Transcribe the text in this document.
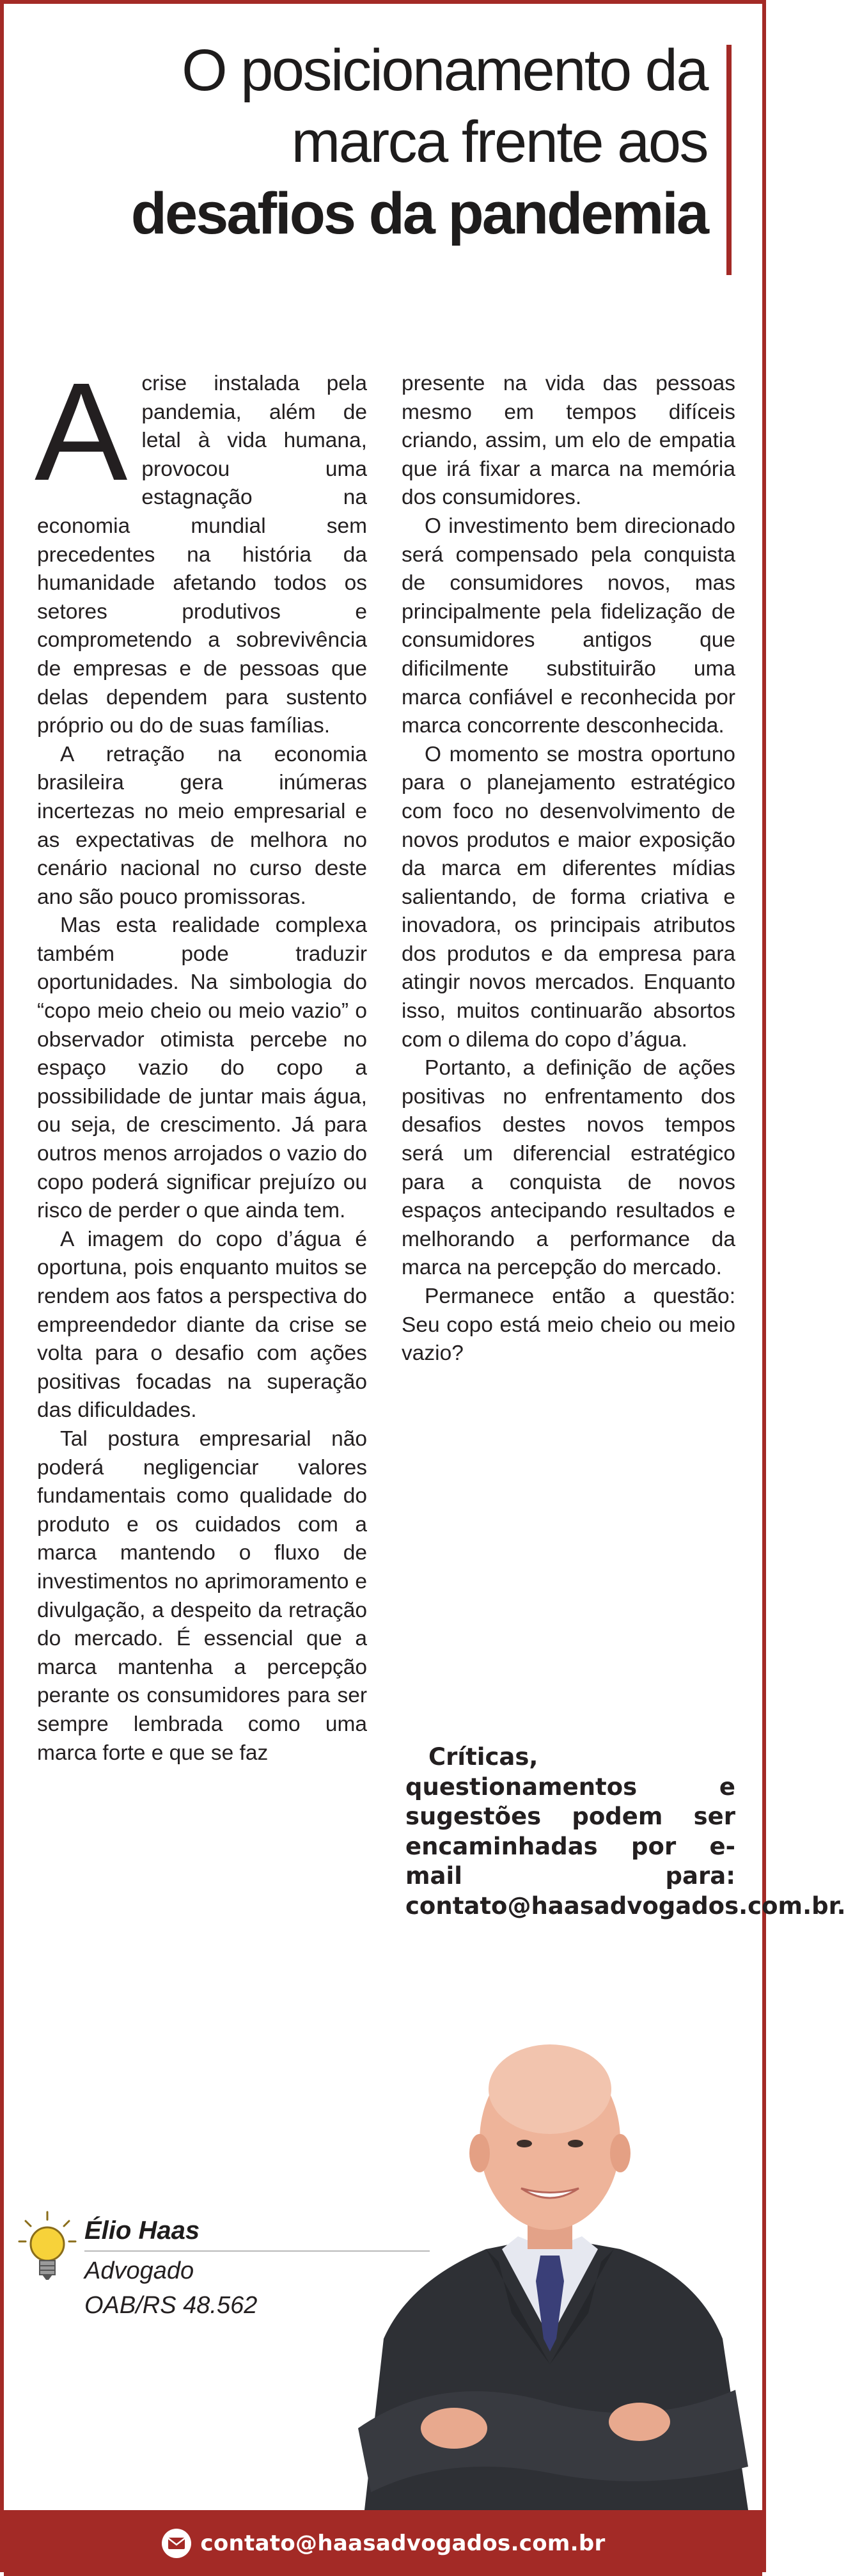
O posicionamento da
marca frente aos
desafios da pandemia

Acrise instalada pela pandemia, além de letal à vida humana, provocou uma estagnação na economia mundial sem precedentes na história da humanidade afetando todos os setores produtivos e comprometendo a sobrevivência de empresas e de pessoas que delas dependem para sustento próprio ou do de suas famílias.

A retração na economia brasileira gera inúmeras incertezas no meio empresarial e as expectativas de melhora no cenário nacional no curso deste ano são pouco promissoras.

Mas esta realidade complexa também pode traduzir oportunidades. Na simbologia do “copo meio cheio ou meio vazio” o observador otimista percebe no espaço vazio do copo a possibilidade de juntar mais água, ou seja, de crescimento. Já para outros menos arrojados o vazio do copo poderá significar prejuízo ou risco de perder o que ainda tem.

A imagem do copo d’água é oportuna, pois enquanto muitos se rendem aos fatos a perspectiva do empreendedor diante da crise se volta para o desafio com ações positivas focadas na superação das dificuldades.

Tal postura empresarial não poderá negligenciar valores fundamentais como qualidade do produto e os cuidados com a marca mantendo o fluxo de investimentos no aprimoramento e divulgação, a despeito da retração do mercado. É essencial que a marca mantenha a percepção perante os consumidores para ser sempre lembrada como uma marca forte e que se faz

presente na vida das pessoas mesmo em tempos difíceis criando, assim, um elo de empatia que irá fixar a marca na memória dos consumidores.

O investimento bem direcionado será compensado pela conquista de consumidores novos, mas principalmente pela fidelização de consumidores antigos que dificilmente substituirão uma marca confiável e reconhecida por marca concorrente desconhecida.

O momento se mostra oportuno para o planejamento estratégico com foco no desenvolvimento de novos produtos e maior exposição da marca em diferentes mídias salientando, de forma criativa e inovadora, os principais atributos dos produtos e da empresa para atingir novos mercados. Enquanto isso, muitos continuarão absortos com o dilema do copo d’água.

Portanto, a definição de ações positivas no enfrentamento dos desafios destes novos tempos será um diferencial estratégico para a conquista de novos espaços antecipando resultados e melhorando a performance da marca na percepção do mercado.

Permanece então a questão: Seu copo está meio cheio ou meio vazio?

Críticas, questionamentos e sugestões podem ser encaminhadas por e-mail para: contato@haasadvogados.com.br.
Élio Haas
Advogado
OAB/RS 48.562
contato@haasadvogados.com.br
